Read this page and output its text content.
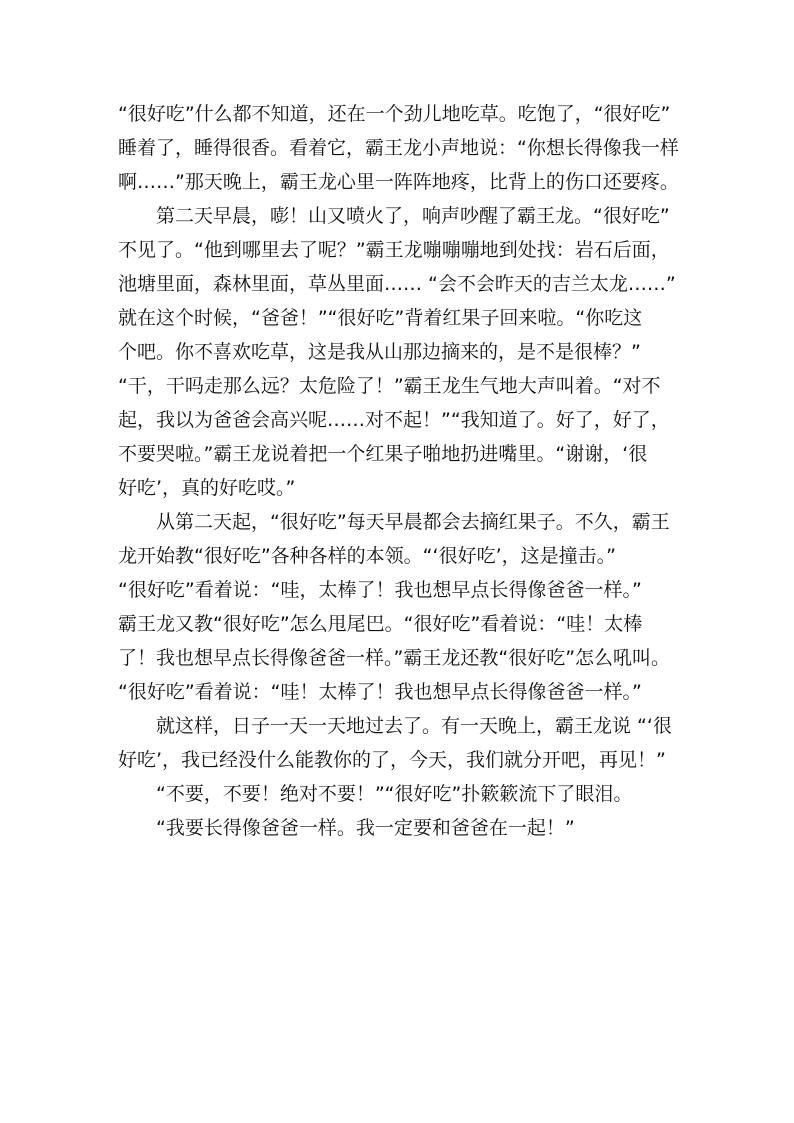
“很好吃”什么都不知道，还在一个劲儿地吃草。吃饱了，“很好吃”

睡着了，睡得很香。看着它，霸王龙小声地说：“你想长得像我一样

啊……”那天晚上，霸王龙心里一阵阵地疼，比背上的伤口还要疼。

第二天早晨，嘭！山又喷火了，响声吵醒了霸王龙。“很好吃”

不见了。“他到哪里去了呢？”霸王龙嘣嘣嘣地到处找：岩石后面，

池塘里面，森林里面，草丛里面…… “会不会昨天的吉兰太龙……”

就在这个时候，“爸爸！”“很好吃”背着红果子回来啦。“你吃这

个吧。你不喜欢吃草，这是我从山那边摘来的，是不是很棒？”

“干，干吗走那么远？太危险了！”霸王龙生气地大声叫着。“对不

起，我以为爸爸会高兴呢……对不起！”“我知道了。好了，好了，

不要哭啦。”霸王龙说着把一个红果子啪地扔进嘴里。“谢谢，‘很

好吃’，真的好吃哎。”

从第二天起，“很好吃”每天早晨都会去摘红果子。不久，霸王

龙开始教“很好吃”各种各样的本领。“‘很好吃’，这是撞击。”

“很好吃”看着说：“哇，太棒了！我也想早点长得像爸爸一样。”

霸王龙又教“很好吃”怎么甩尾巴。“很好吃”看着说：“哇！太棒

了！我也想早点长得像爸爸一样。”霸王龙还教“很好吃”怎么吼叫。

“很好吃”看着说：“哇！太棒了！我也想早点长得像爸爸一样。”

就这样，日子一天一天地过去了。有一天晚上，霸王龙说 “‘很

好吃’，我已经没什么能教你的了，今天，我们就分开吧，再见！”

“不要，不要！绝对不要！”“很好吃”扑簌簌流下了眼泪。

“我要长得像爸爸一样。我一定要和爸爸在一起！”
